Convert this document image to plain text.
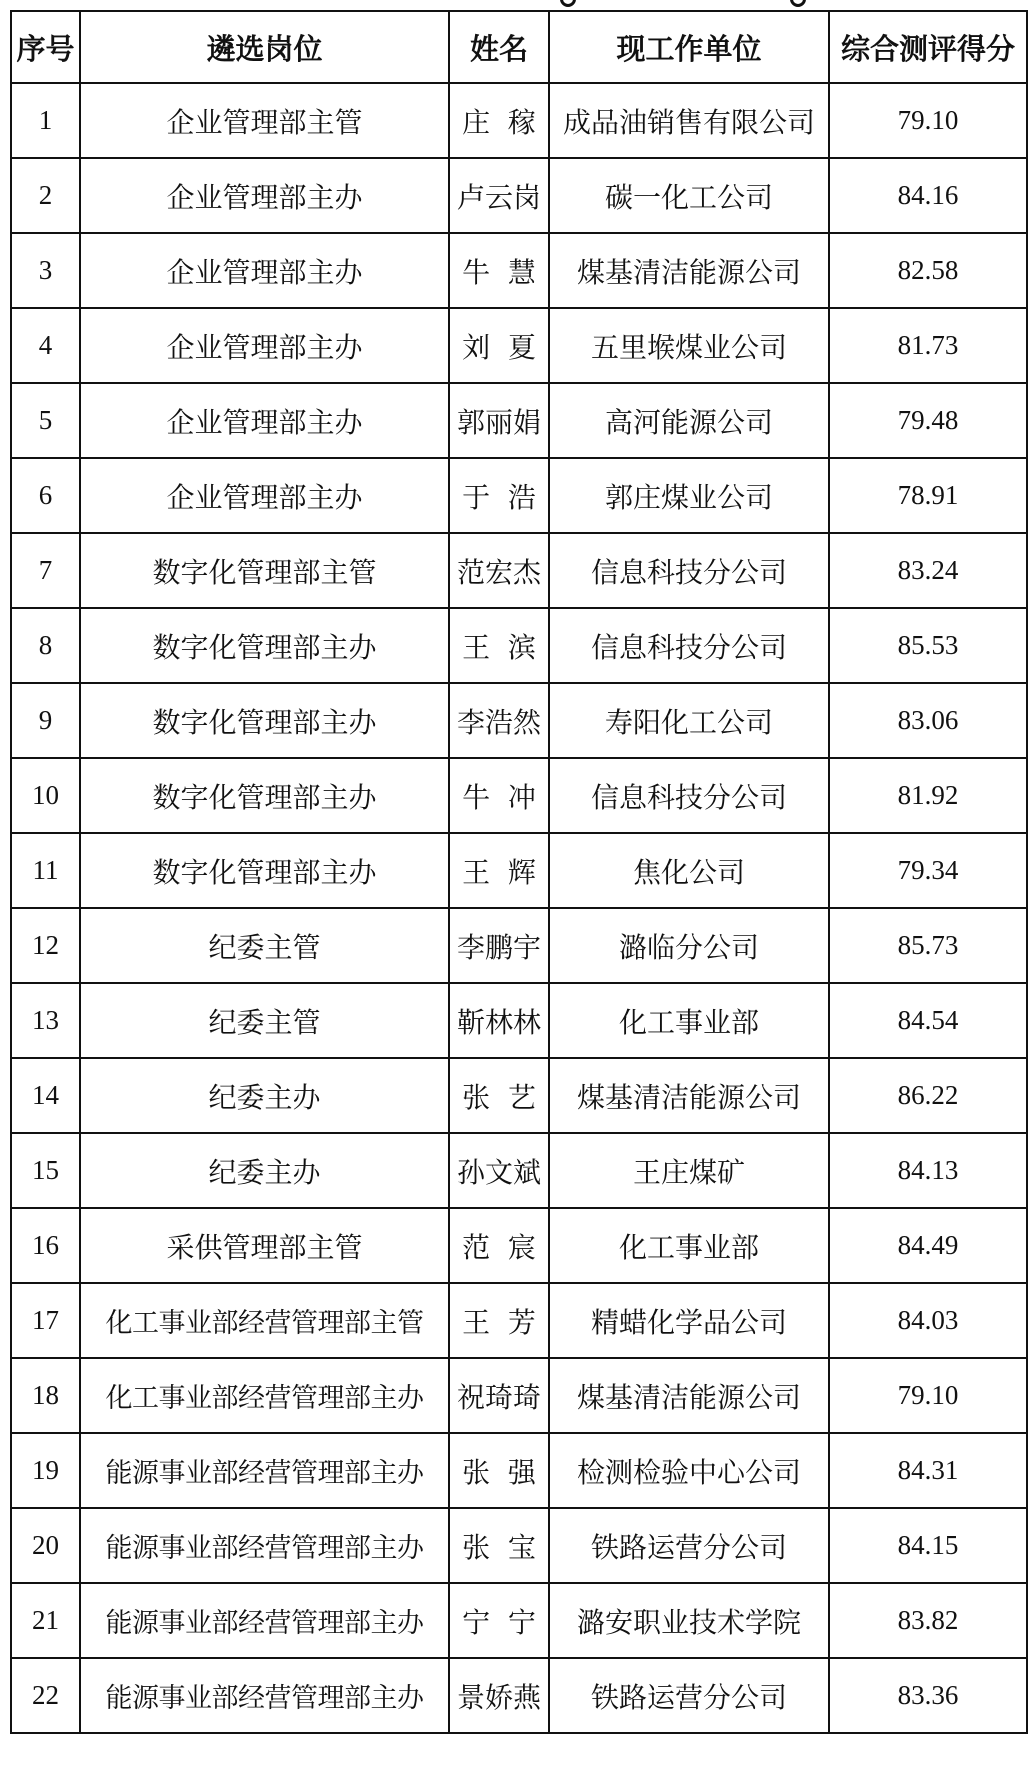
序号	遴选岗位	姓名	现工作单位	综合测评得分
1	企业管理部主管	庄  稼	成品油销售有限公司	79.10
2	企业管理部主办	卢云岗	碳一化工公司	84.16
3	企业管理部主办	牛  慧	煤基清洁能源公司	82.58
4	企业管理部主办	刘  夏	五里堠煤业公司	81.73
5	企业管理部主办	郭丽娟	高河能源公司	79.48
6	企业管理部主办	于  浩	郭庄煤业公司	78.91
7	数字化管理部主管	范宏杰	信息科技分公司	83.24
8	数字化管理部主办	王  滨	信息科技分公司	85.53
9	数字化管理部主办	李浩然	寿阳化工公司	83.06
10	数字化管理部主办	牛  冲	信息科技分公司	81.92
11	数字化管理部主办	王  辉	焦化公司	79.34
12	纪委主管	李鹏宇	潞临分公司	85.73
13	纪委主管	靳林林	化工事业部	84.54
14	纪委主办	张  艺	煤基清洁能源公司	86.22
15	纪委主办	孙文斌	王庄煤矿	84.13
16	采供管理部主管	范  宸	化工事业部	84.49
17	化工事业部经营管理部主管	王  芳	精蜡化学品公司	84.03
18	化工事业部经营管理部主办	祝琦琦	煤基清洁能源公司	79.10
19	能源事业部经营管理部主办	张  强	检测检验中心公司	84.31
20	能源事业部经营管理部主办	张  宝	铁路运营分公司	84.15
21	能源事业部经营管理部主办	宁  宁	潞安职业技术学院	83.82
22	能源事业部经营管理部主办	景娇燕	铁路运营分公司	83.36
